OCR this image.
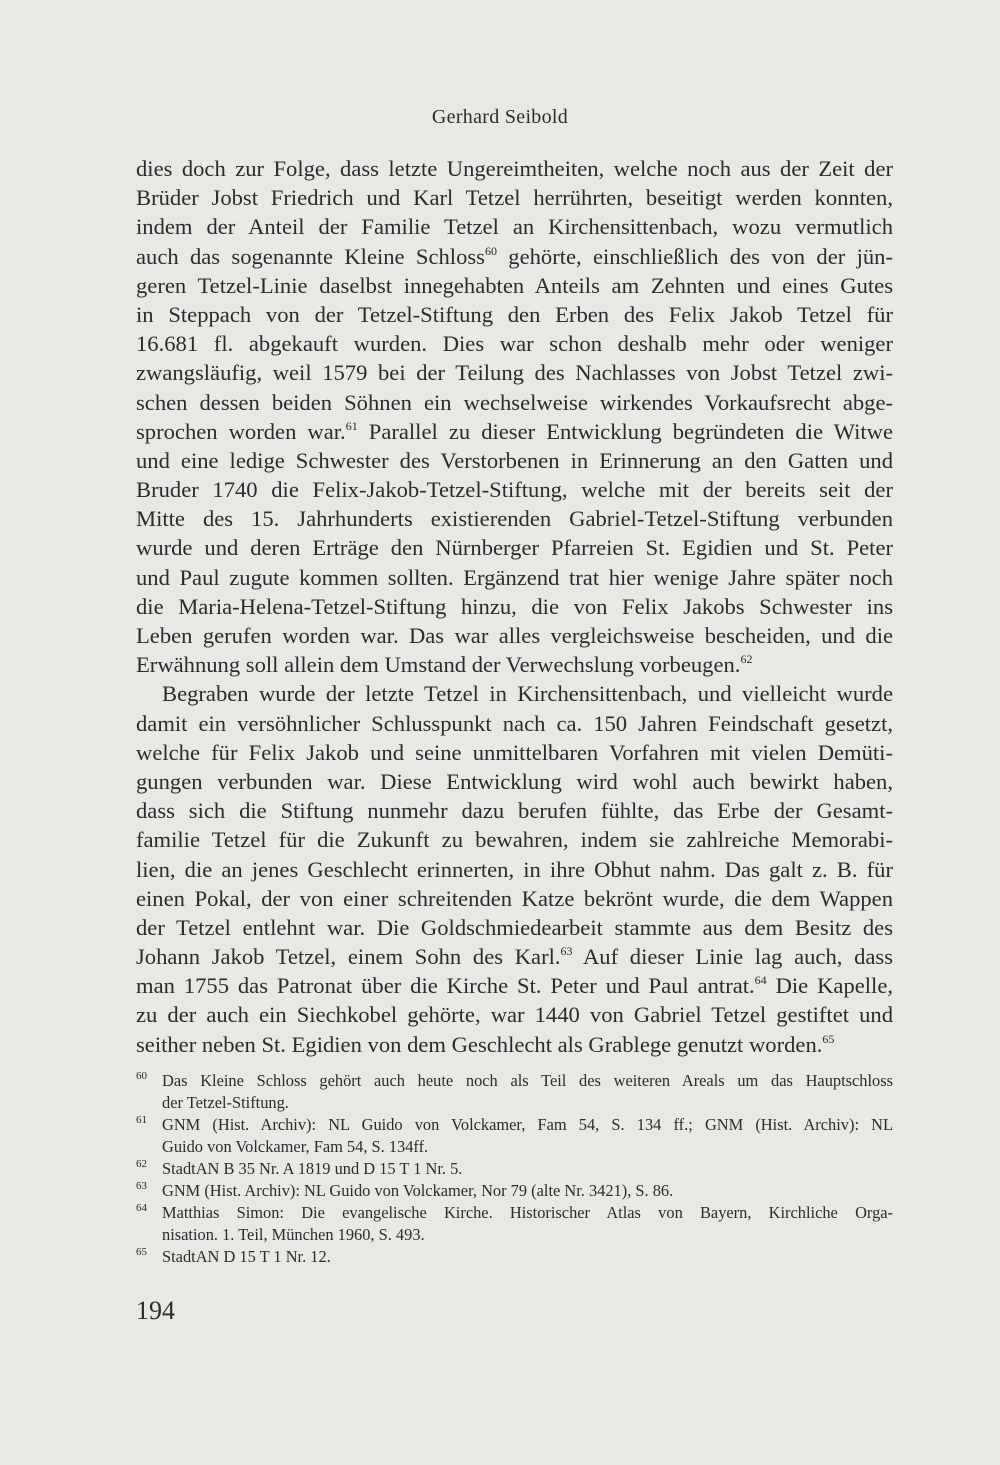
Gerhard Seibold
dies doch zur Folge, dass letzte Ungereimtheiten, welche noch aus der Zeit der
Brüder Jobst Friedrich und Karl Tetzel herrührten, beseitigt werden konnten,
indem der Anteil der Familie Tetzel an Kirchensittenbach, wozu vermutlich
auch das sogenannte Kleine Schloss$^{60}$ gehörte, einschließlich des von der jün-
geren Tetzel-Linie daselbst innegehabten Anteils am Zehnten und eines Gutes
in Steppach von der Tetzel-Stiftung den Erben des Felix Jakob Tetzel für
16.681 fl. abgekauft wurden. Dies war schon deshalb mehr oder weniger
zwangsläufig, weil 1579 bei der Teilung des Nachlasses von Jobst Tetzel zwi-
schen dessen beiden Söhnen ein wechselweise wirkendes Vorkaufsrecht abge-
sprochen worden war.$^{61}$ Parallel zu dieser Entwicklung begründeten die Witwe
und eine ledige Schwester des Verstorbenen in Erinnerung an den Gatten und
Bruder 1740 die Felix-Jakob-Tetzel-Stiftung, welche mit der bereits seit der
Mitte des 15. Jahrhunderts existierenden Gabriel-Tetzel-Stiftung verbunden
wurde und deren Erträge den Nürnberger Pfarreien St. Egidien und St. Peter
und Paul zugute kommen sollten. Ergänzend trat hier wenige Jahre später noch
die Maria-Helena-Tetzel-Stiftung hinzu, die von Felix Jakobs Schwester ins
Leben gerufen worden war. Das war alles vergleichsweise bescheiden, und die
Erwähnung soll allein dem Umstand der Verwechslung vorbeugen.$^{62}$
Begraben wurde der letzte Tetzel in Kirchensittenbach, und vielleicht wurde
damit ein versöhnlicher Schlusspunkt nach ca. 150 Jahren Feindschaft gesetzt,
welche für Felix Jakob und seine unmittelbaren Vorfahren mit vielen Demüti-
gungen verbunden war. Diese Entwicklung wird wohl auch bewirkt haben,
dass sich die Stiftung nunmehr dazu berufen fühlte, das Erbe der Gesamt-
familie Tetzel für die Zukunft zu bewahren, indem sie zahlreiche Memorabi-
lien, die an jenes Geschlecht erinnerten, in ihre Obhut nahm. Das galt z. B. für
einen Pokal, der von einer schreitenden Katze bekrönt wurde, die dem Wappen
der Tetzel entlehnt war. Die Goldschmiedearbeit stammte aus dem Besitz des
Johann Jakob Tetzel, einem Sohn des Karl.$^{63}$ Auf dieser Linie lag auch, dass
man 1755 das Patronat über die Kirche St. Peter und Paul antrat.$^{64}$ Die Kapelle,
zu der auch ein Siechkobel gehörte, war 1440 von Gabriel Tetzel gestiftet und
seither neben St. Egidien von dem Geschlecht als Grablege genutzt worden.$^{65}$
60 Das Kleine Schloss gehört auch heute noch als Teil des weiteren Areals um das Hauptschloss
der Tetzel-Stiftung.
61 GNM (Hist. Archiv): NL Guido von Volckamer, Fam 54, S. 134 ff.; GNM (Hist. Archiv): NL
Guido von Volckamer, Fam 54, S. 134ff.
62 StadtAN B 35 Nr. A 1819 und D 15 T 1 Nr. 5.
63 GNM (Hist. Archiv): NL Guido von Volckamer, Nor 79 (alte Nr. 3421), S. 86.
64 Matthias Simon: Die evangelische Kirche. Historischer Atlas von Bayern, Kirchliche Orga-
nisation. 1. Teil, München 1960, S. 493.
65 StadtAN D 15 T 1 Nr. 12.
194
